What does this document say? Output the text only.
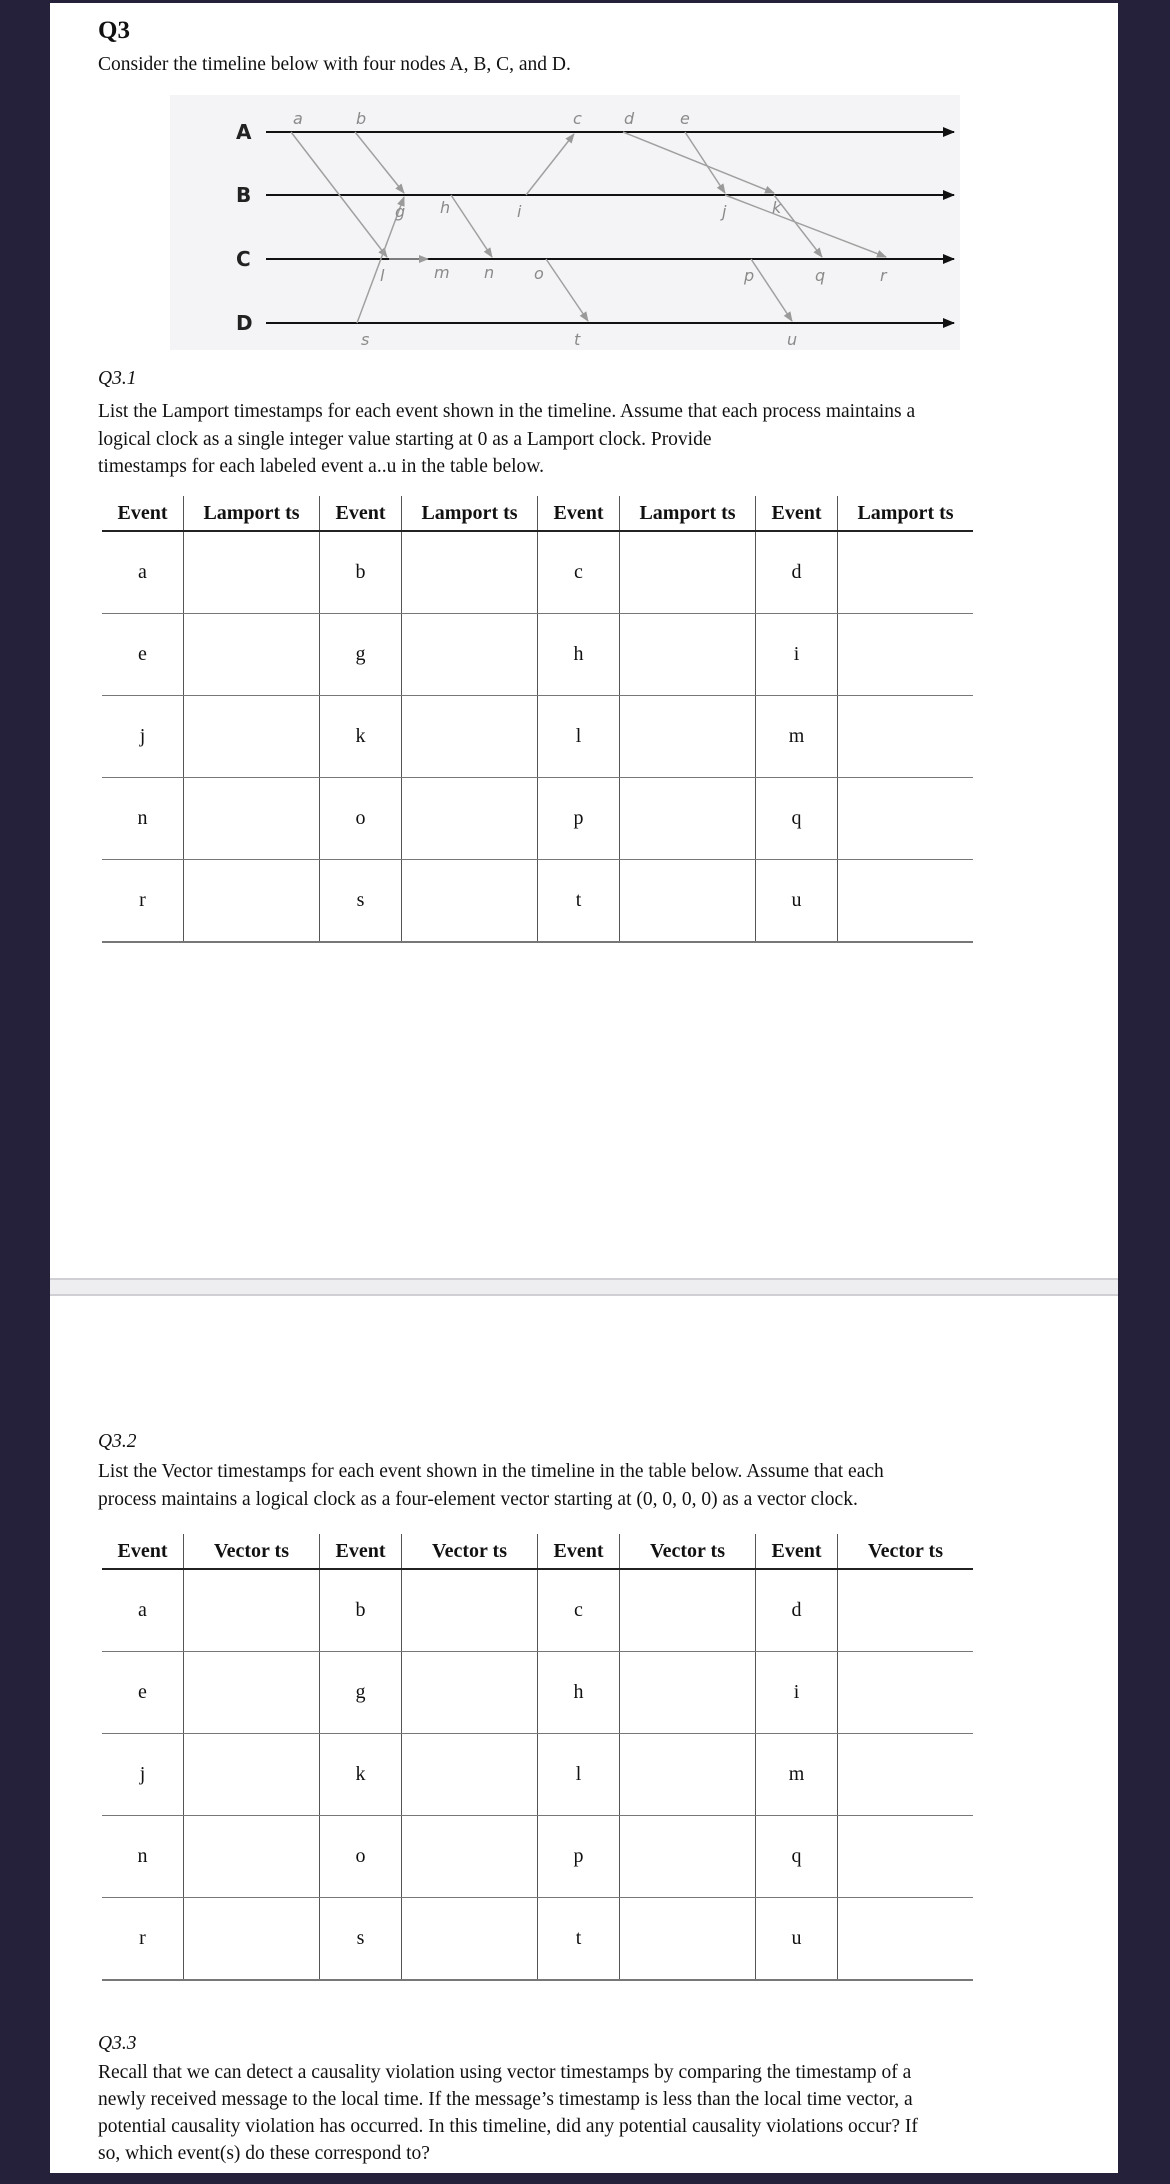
Q3
Consider the timeline below with four nodes A, B, C, and D.
A
B
C
D
a	b	c	d	e
g h	i	j	k
l	m n o	p	q	r
s	t	u
Q3.1
List the Lamport timestamps for each event shown in the timeline. Assume that each process maintains a
logical clock as a single integer value starting at 0 as a Lamport clock. Provide
timestamps for each labeled event a..u in the table below.
Event	Lamport ts	Event	Lamport ts	Event	Lamport ts	Event	Lamport ts
a		b		c		d	
e		g		h		i	
j		k		l		m	
n		o		p		q	
r		s		t		u	
Q3.2
List the Vector timestamps for each event shown in the timeline in the table below. Assume that each
process maintains a logical clock as a four-element vector starting at (0, 0, 0, 0) as a vector clock.
Event	Vector ts	Event	Vector ts	Event	Vector ts	Event	Vector ts
a		b		c		d	
e		g		h		i	
j		k		l		m	
n		o		p		q	
r		s		t		u	
Q3.3
Recall that we can detect a causality violation using vector timestamps by comparing the timestamp of a
newly received message to the local time. If the message’s timestamp is less than the local time vector, a
potential causality violation has occurred. In this timeline, did any potential causality violations occur? If
so, which event(s) do these correspond to?
